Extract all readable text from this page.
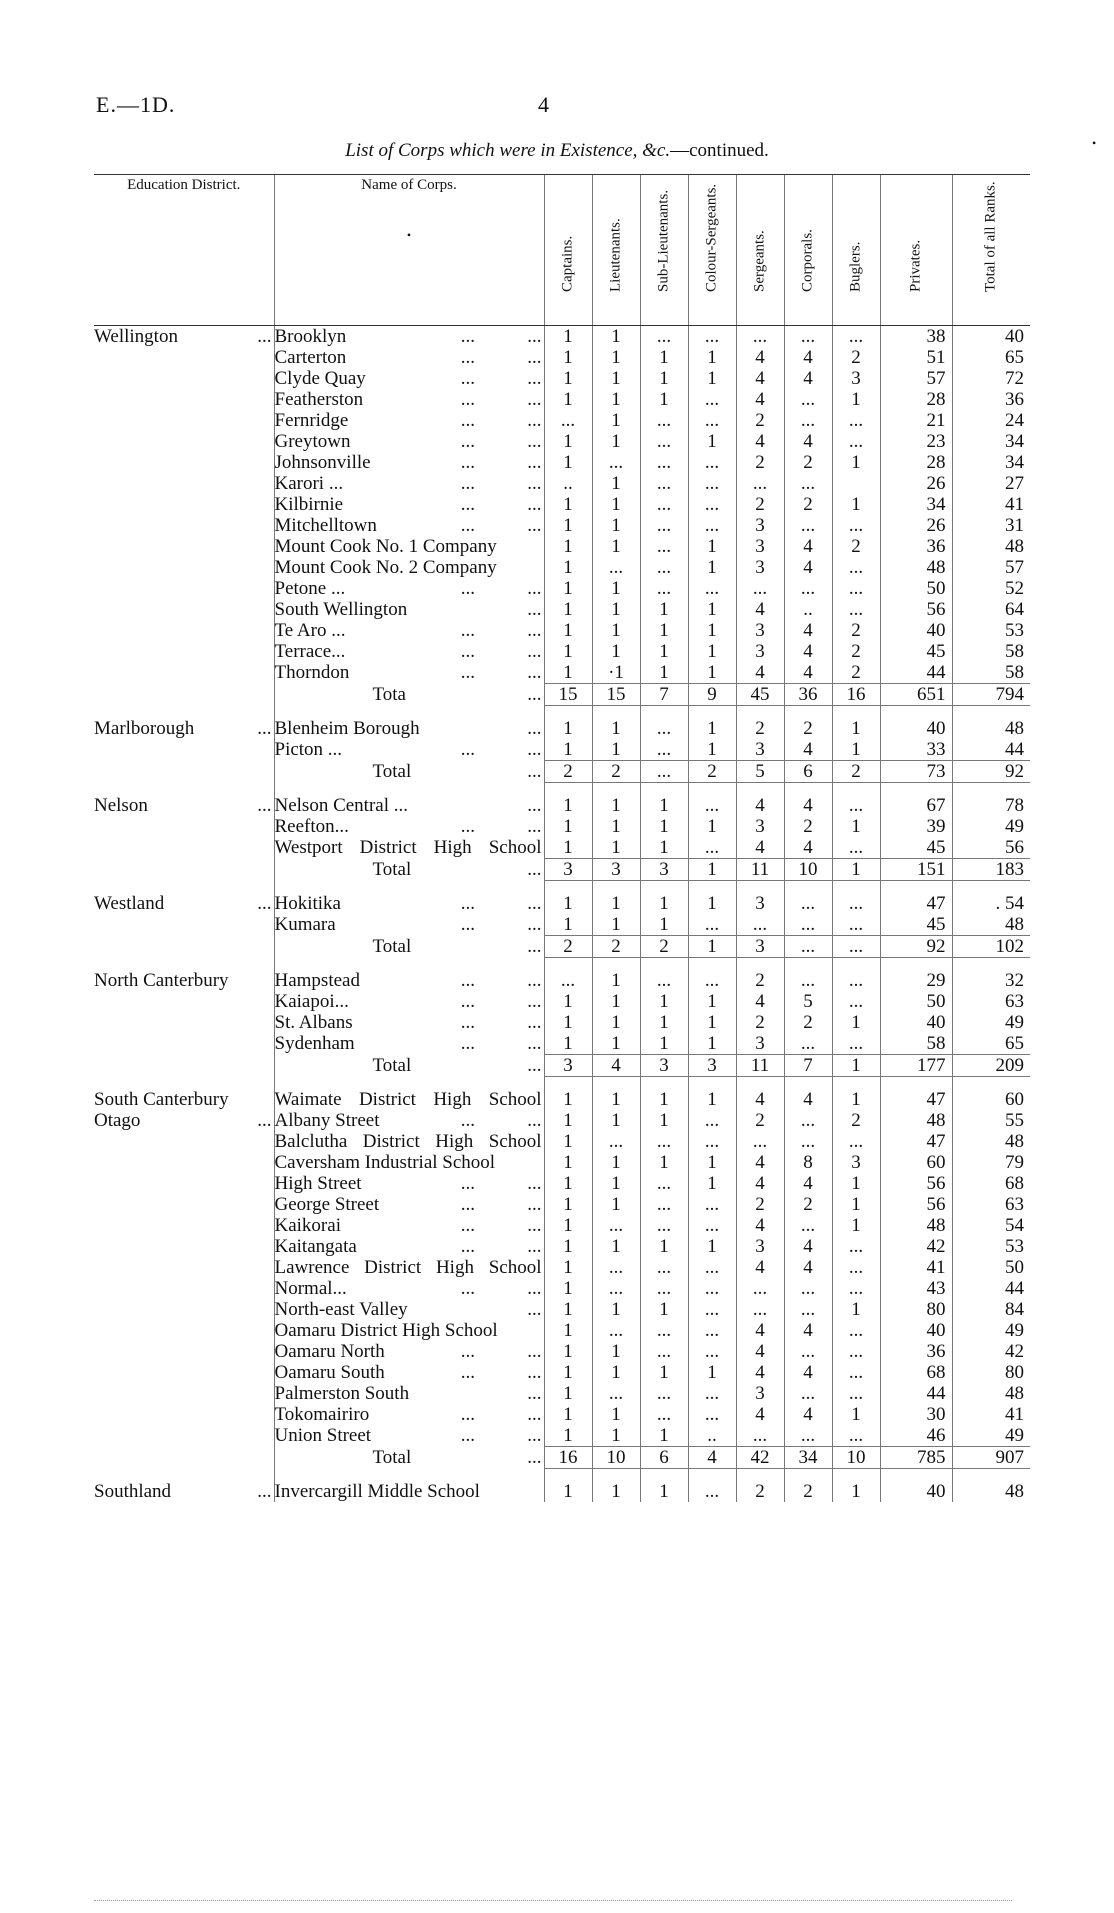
E.—1D.	4
•
List of Corps which were in Existence, &c.—continued.
Education District.	•
Name of Corps.	Captains.	Lieutenants.	Sub-Lieutenants.	Colour-Sergeants.	Sergeants.	Corporals.	Buglers.	Privates.	Total of all Ranks.

Wellington ...	Brooklyn ...           ...	1	1	...	...	...	...	...	38	40

	Carterton ...           ...	1	1	1	1	4	4	2	51	65

	Clyde Quay ...           ...	1	1	1	1	4	4	3	57	72

	Featherston ...           ...	1	1	1	...	4	...	1	28	36

	Fernridge ...           ...	...	1	...	...	2	...	...	21	24

	Greytown ...           ...	1	1	...	1	4	4	...	23	34

	Johnsonville ...           ...	1	...	...	...	2	2	1	28	34

	Karori ... ...           ...	..	1	...	...	...	...		26	27

	Kilbirnie ...           ...	1	1	...	...	2	2	1	34	41

	Mitchelltown ...           ...	1	1	...	...	3	...	...	26	31

	Mount Cook No. 1 Company	1	1	...	1	3	4	2	36	48

	Mount Cook No. 2 Company	1	...	...	1	3	4	...	48	57

	Petone ... ...           ...	1	1	...	...	...	...	...	50	52

	South Wellington ...	1	1	1	1	4	..	...	56	64

	Te Aro ... ...           ...	1	1	1	1	3	4	2	40	53

	Terrace... ...           ...	1	1	1	1	3	4	2	45	58

	Thorndon ...           ...	1	·1	1	1	4	4	2	44	58
	Tota ...	15	15	7	9	45	36	16	651	794

Marlborough ...	Blenheim Borough ...	1	1	...	1	2	2	1	40	48

	Picton ... ...           ...	1	1	...	1	3	4	1	33	44
	Total ...	2	2	...	2	5	6	2	73	92

Nelson ...	Nelson Central ... ...	1	1	1	...	4	4	...	67	78

	Reefton... ...           ...	1	1	1	1	3	2	1	39	49

	Westport District High School	1	1	1	...	4	4	...	45	56
	Total ...	3	3	3	1	11	10	1	151	183

Westland ...	Hokitika ...           ...	1	1	1	1	3	...	...	47	. 54

	Kumara ...           ...	1	1	1	...	...	...	...	45	48
	Total ...	2	2	2	1	3	...	...	92	102

North Canterbury	Hampstead ...           ...	...	1	...	...	2	...	...	29	32

	Kaiapoi... ...           ...	1	1	1	1	4	5	...	50	63

	St. Albans ...           ...	1	1	1	1	2	2	1	40	49

	Sydenham ...           ...	1	1	1	1	3	...	...	58	65
	Total ...	3	4	3	3	11	7	1	177	209

South Canterbury	Waimate District High School	1	1	1	1	4	4	1	47	60

Otago ...	Albany Street ...           ...	1	1	1	...	2	...	2	48	55

	Balclutha District High School	1	...	...	...	...	...	...	47	48

	Caversham Industrial School	1	1	1	1	4	8	3	60	79

	High Street ...           ...	1	1	...	1	4	4	1	56	68

	George Street ...           ...	1	1	...	...	2	2	1	56	63

	Kaikorai ...           ...	1	...	...	...	4	...	1	48	54

	Kaitangata ...           ...	1	1	1	1	3	4	...	42	53

	Lawrence District High School	1	...	...	...	4	4	...	41	50

	Normal... ...           ...	1	...	...	...	...	...	...	43	44

	North-east Valley ...	1	1	1	...	...	...	1	80	84

	Oamaru District High School	1	...	...	...	4	4	...	40	49

	Oamaru North ...           ...	1	1	...	...	4	...	...	36	42

	Oamaru South ...           ...	1	1	1	1	4	4	...	68	80

	Palmerston South ...	1	...	...	...	3	...	...	44	48

	Tokomairiro ...           ...	1	1	...	...	4	4	1	30	41

	Union Street ...           ...	1	1	1	..	...	...	...	46	49
	Total ...	16	10	6	4	42	34	10	785	907

Southland ...	Invercargill Middle School	1	1	1	...	2	2	1	40	48
